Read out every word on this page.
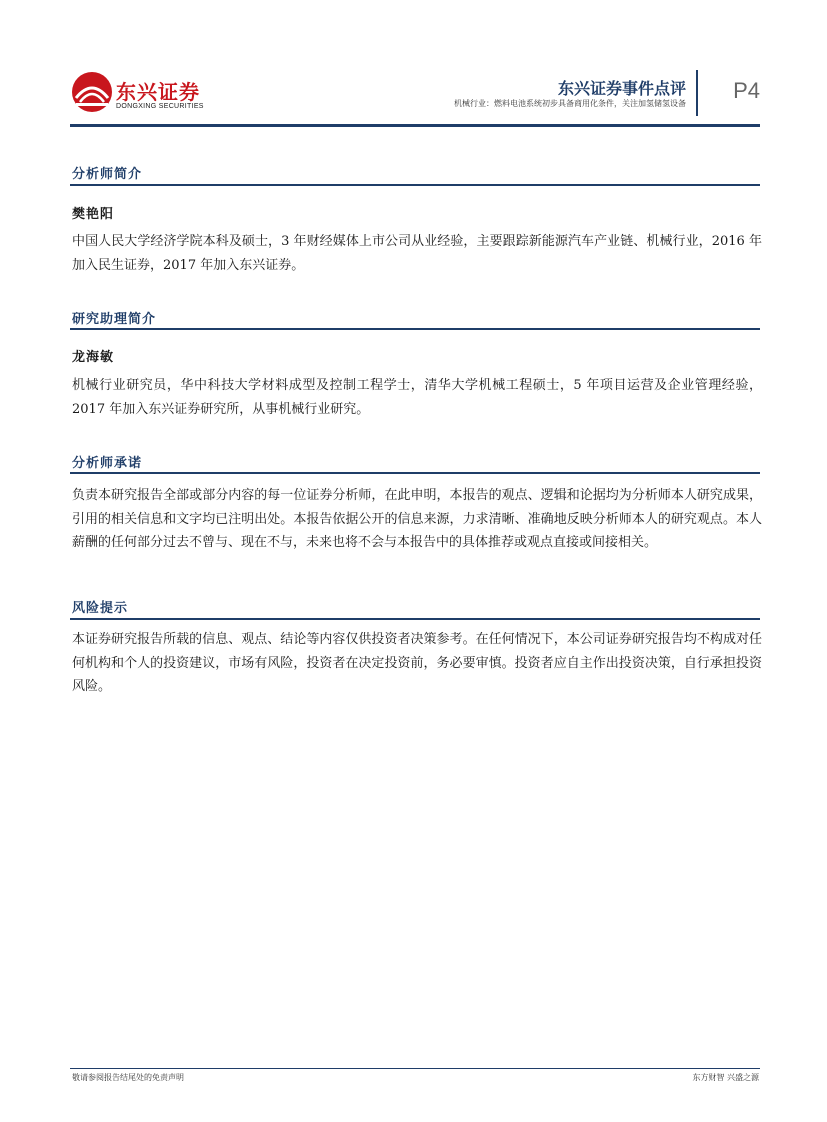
东兴证券
DONGXING SECURITIES
东兴证券事件点评
机械行业：燃料电池系统初步具备商用化条件，关注加氢储氢设备
P4
分析师简介
樊艳阳
中国人民大学经济学院本科及硕士，3 年财经媒体上市公司从业经验，主要跟踪新能源汽车产业链、机械行业，2016 年加入民生证券，2017 年加入东兴证券。
研究助理简介
龙海敏
机械行业研究员，华中科技大学材料成型及控制工程学士，清华大学机械工程硕士，5 年项目运营及企业管理经验，2017 年加入东兴证券研究所，从事机械行业研究。
分析师承诺
负责本研究报告全部或部分内容的每一位证券分析师，在此申明，本报告的观点、逻辑和论据均为分析师本人研究成果，引用的相关信息和文字均已注明出处。本报告依据公开的信息来源，力求清晰、准确地反映分析师本人的研究观点。本人薪酬的任何部分过去不曾与、现在不与，未来也将不会与本报告中的具体推荐或观点直接或间接相关。
风险提示
本证券研究报告所载的信息、观点、结论等内容仅供投资者决策参考。在任何情况下，本公司证券研究报告均不构成对任何机构和个人的投资建议，市场有风险，投资者在决定投资前，务必要审慎。投资者应自主作出投资决策，自行承担投资风险。
敬请参阅报告结尾处的免责声明	东方财智 兴盛之源
